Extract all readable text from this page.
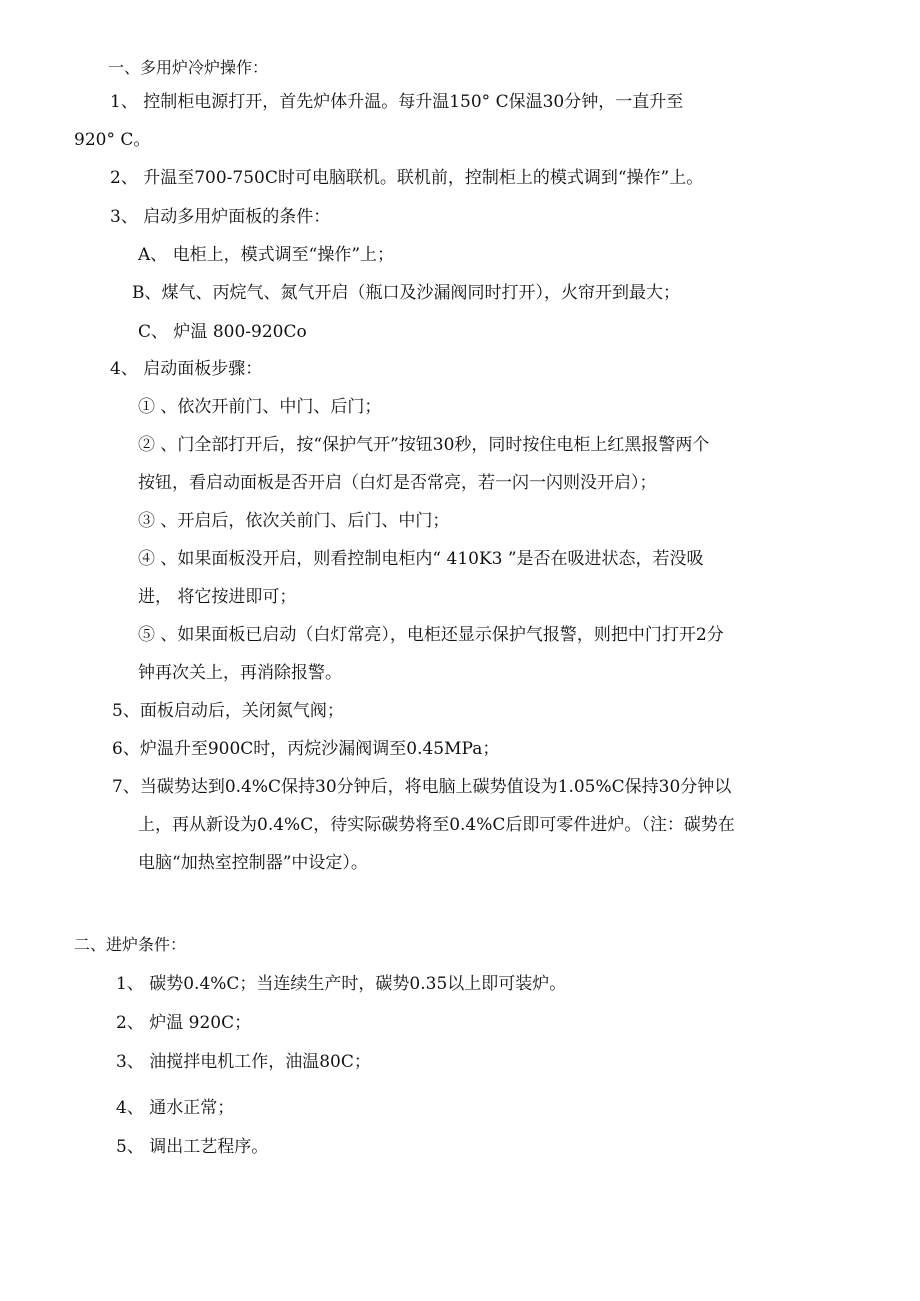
一、多用炉冷炉操作：
1、 控制柜电源打开，首先炉体升温。每升温150° C保温30分钟，一直升至
920° C。
2、 升温至700-750C时可电脑联机。联机前，控制柜上的模式调到“操作”上。
3、 启动多用炉面板的条件：
A、 电柜上，模式调至“操作”上；
B、煤气、丙烷气、氮气开启（瓶口及沙漏阀同时打开），火帘开到最大；
C、 炉温 800-920Co
4、 启动面板步骤：
① 、依次开前门、中门、后门；
② 、门全部打开后，按“保护气开”按钮30秒，同时按住电柜上红黑报警两个
按钮，看启动面板是否开启（白灯是否常亮，若一闪一闪则没开启）；
③ 、开启后，依次关前门、后门、中门；
④ 、如果面板没开启，则看控制电柜内“ 410K3 ”是否在吸进状态，若没吸
进， 将它按进即可；
⑤ 、如果面板已启动（白灯常亮），电柜还显示保护气报警，则把中门打开2分
钟再次关上，再消除报警。
5、面板启动后，关闭氮气阀；
6、炉温升至900C时，丙烷沙漏阀调至0.45MPa；
7、当碳势达到0.4%C保持30分钟后，将电脑上碳势值设为1.05%C保持30分钟以
上，再从新设为0.4%C，待实际碳势将至0.4%C后即可零件进炉。（注：碳势在
电脑“加热室控制器”中设定）。
二、进炉条件：
1、 碳势0.4%C；当连续生产时，碳势0.35以上即可装炉。
2、 炉温 920C；
3、 油搅拌电机工作，油温80C；
4、 通水正常；
5、 调出工艺程序。
